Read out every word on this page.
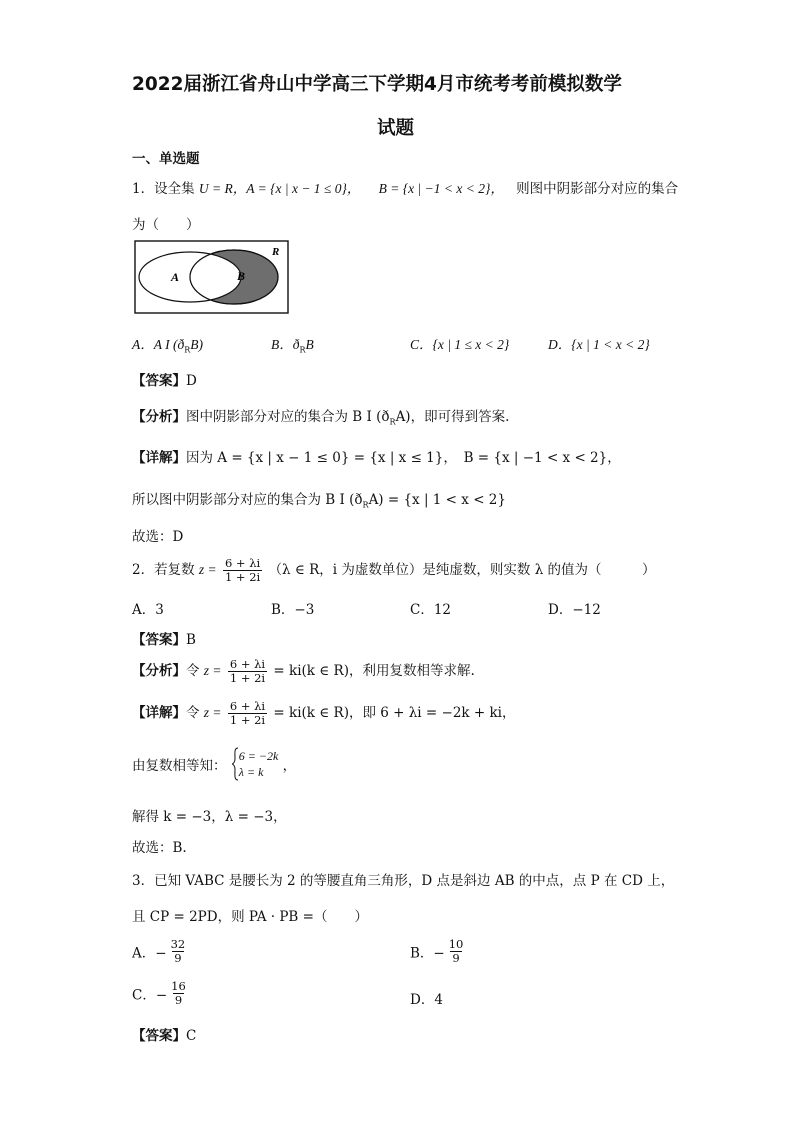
2022届浙江省舟山中学高三下学期4月市统考考前模拟数学
试题
一、单选题
1．设全集 U = R，A = {x | x − 1 ≤ 0}， B = {x | −1 < x < 2}， 则图中阴影部分对应的集合
为（　　）
A	B
R
A．A I $(ð_RB)$	B．$ð_RB$	C．{x | 1 ≤ x < 2}	D．{x | 1 < x < 2}
【答案】D
【分析】图中阴影部分对应的集合为 B I $(ð_RA)$，即可得到答案.
【详解】因为 A = {x | x − 1 ≤ 0} = {x | x ≤ 1}，　B = {x | −1 < x < 2}，
所以图中阴影部分对应的集合为 B I $(ð_RA) = \{x$ | 1 < x < 2}
故选：D
2．若复数 $z = \frac{6 + \lambda i}{1 + 2i} (\lambda$ ∈ R，i 为虚数单位）是纯虚数，则实数 λ 的值为（　　　）
A．3	B．−3	C．12	D．−12
【答案】B
【分析】令 $z = \frac{6 + \lambda i}{1 + 2i} = ki(k$ ∈ R)，利用复数相等求解.
【详解】令 $z = \frac{6 + \lambda i}{1 + 2i} = ki(k$ ∈ R)，即 6 + λi = −2k + ki，
由复数相等知：
6 = −2k
λ = k	，
解得 k = −3，λ = −3，
故选：B.
3．已知 VABC 是腰长为 2 的等腰直角三角形，D 点是斜边 AB 的中点，点 P 在 CD 上，
且 CP = 2PD，则 PA · PB =（　　）
A．− $\frac{32}{9}$	B．− $\frac{10}{9}$
C．− $\frac{16}{9}$	D．4
【答案】C
